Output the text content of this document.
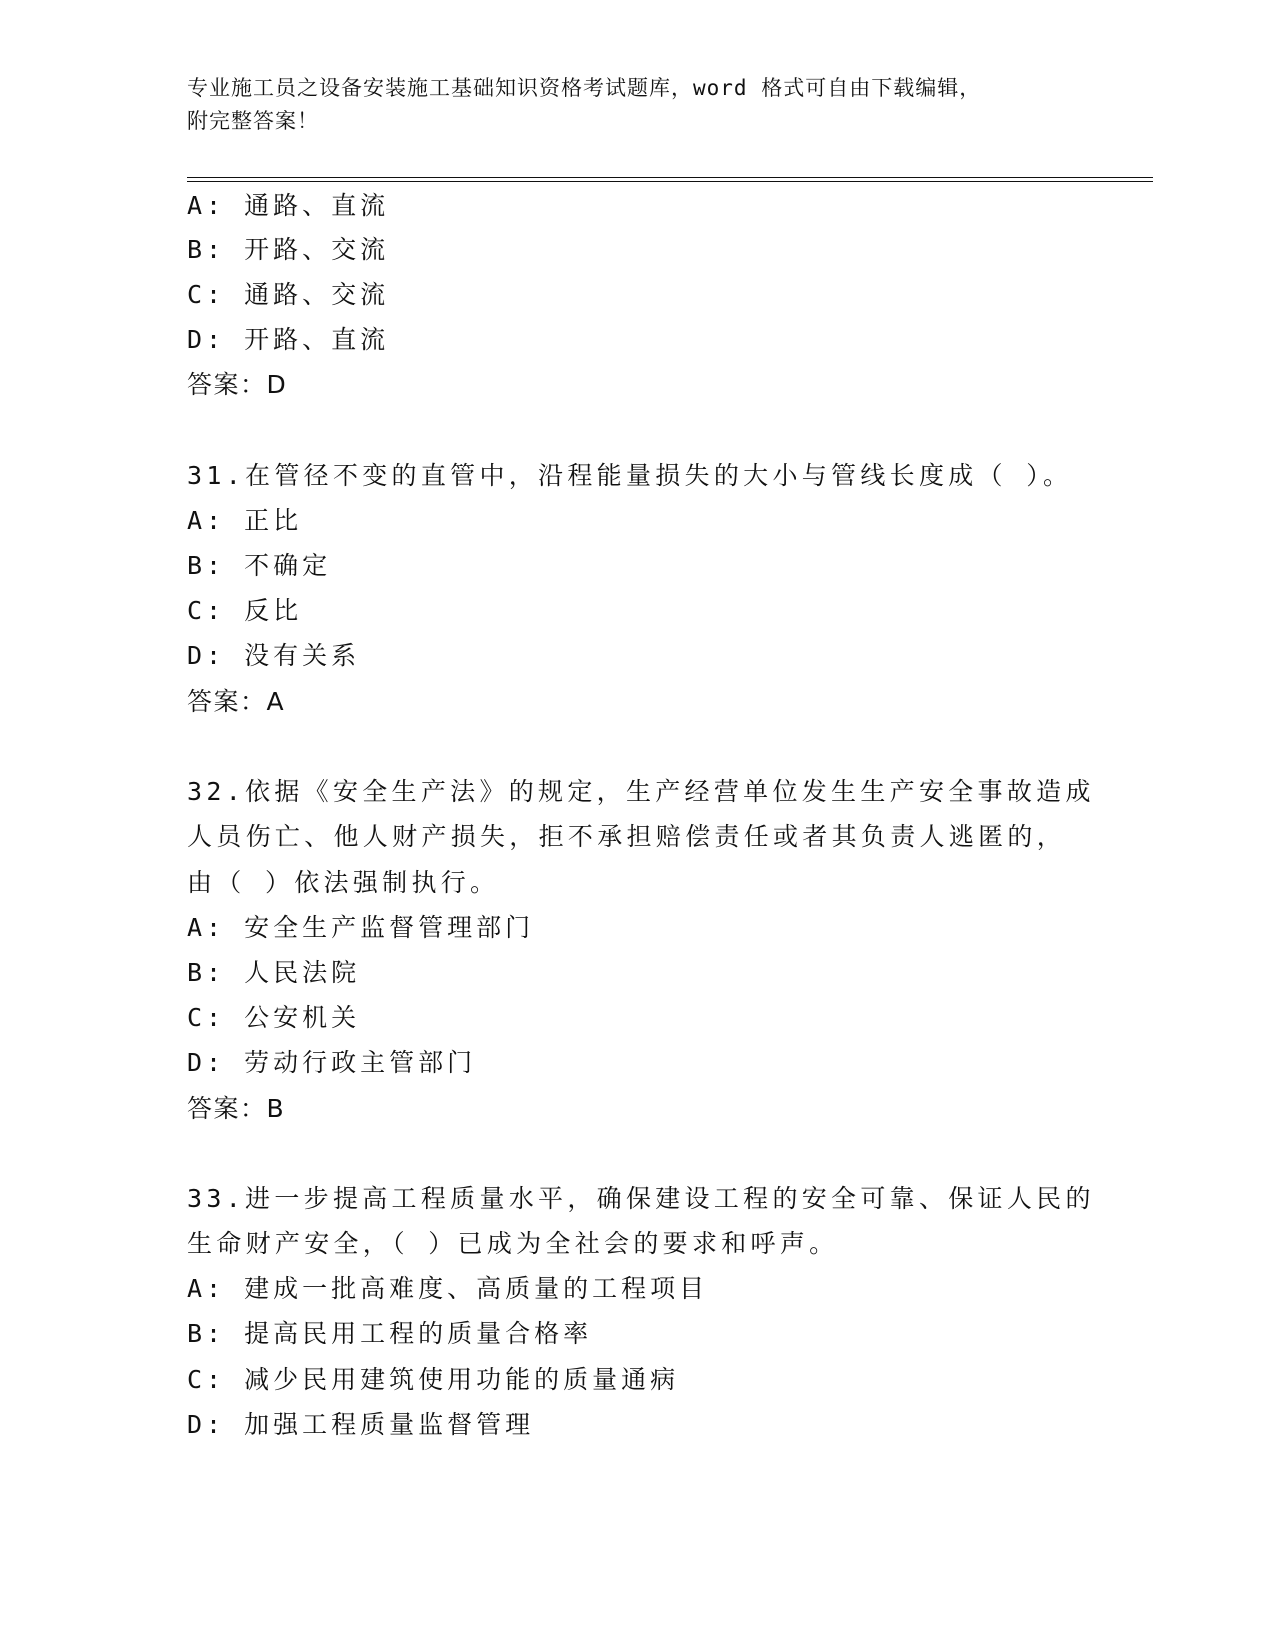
专业施工员之设备安装施工基础知识资格考试题库，word 格式可自由下载编辑，
附完整答案！
A: 通路、直流
B: 开路、交流
C: 通路、交流
D: 开路、直流
答案：D
31.在管径不变的直管中，沿程能量损失的大小与管线长度成（ ）。
A: 正比
B: 不确定
C: 反比
D: 没有关系
答案：A
32.依据《安全生产法》的规定，生产经营单位发生生产安全事故造成
人员伤亡、他人财产损失，拒不承担赔偿责任或者其负责人逃匿的，
由（ ）依法强制执行。
A: 安全生产监督管理部门
B: 人民法院
C: 公安机关
D: 劳动行政主管部门
答案：B
33.进一步提高工程质量水平，确保建设工程的安全可靠、保证人民的
生命财产安全，（ ）已成为全社会的要求和呼声。
A: 建成一批高难度、高质量的工程项目
B: 提高民用工程的质量合格率
C: 减少民用建筑使用功能的质量通病
D: 加强工程质量监督管理
